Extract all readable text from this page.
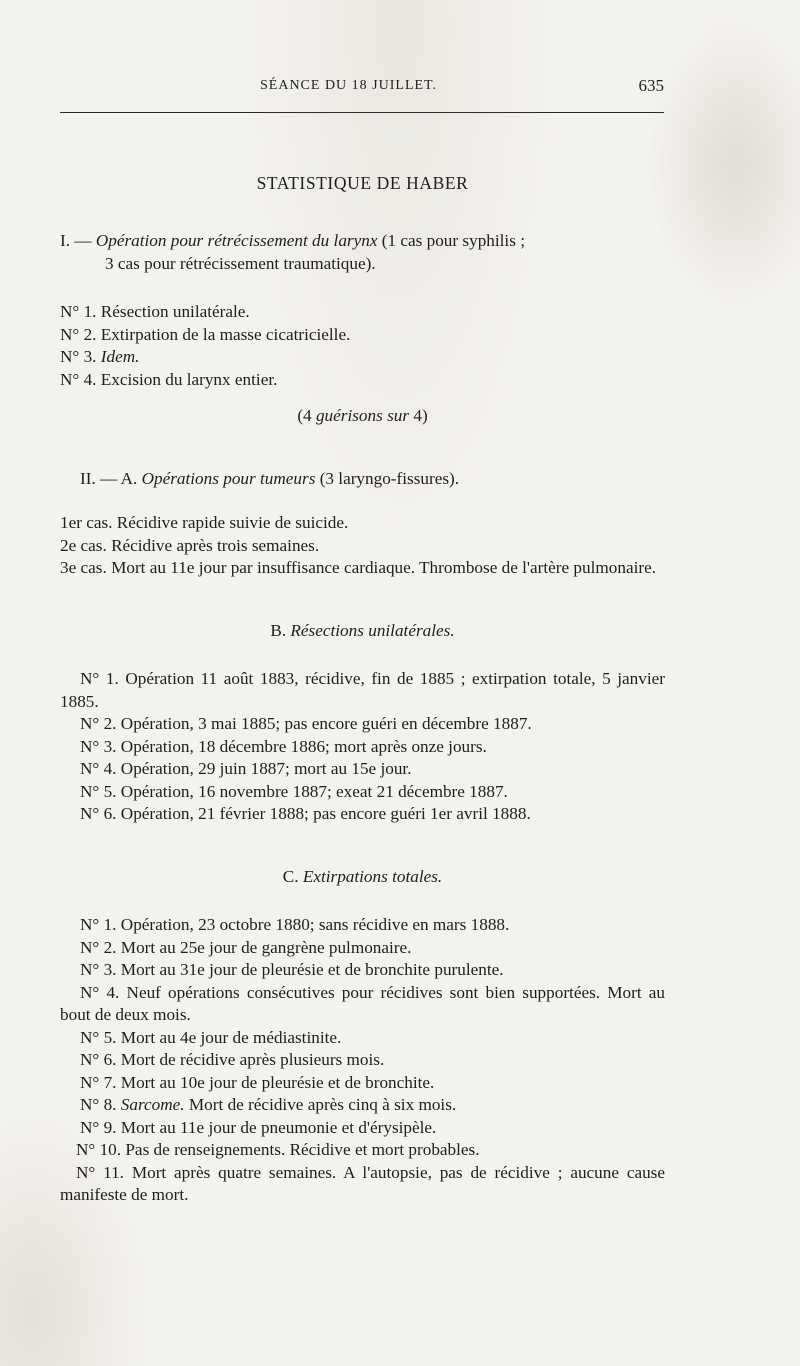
SÉANCE DU 18 JUILLET.	635
STATISTIQUE DE HABER

I. — Opération pour rétrécissement du larynx (1 cas pour syphilis ;

3 cas pour rétrécissement traumatique).

N° 1. Résection unilatérale.

N° 2. Extirpation de la masse cicatricielle.

N° 3. Idem.

N° 4. Excision du larynx entier.

(4 guérisons sur 4)

II. — A. Opérations pour tumeurs (3 laryngo-fissures).

1er cas. Récidive rapide suivie de suicide.

2e cas. Récidive après trois semaines.

3e cas. Mort au 11e jour par insuffisance cardiaque. Thrombose de l'artère pulmonaire.

B. Résections unilatérales.

N° 1. Opération 11 août 1883, récidive, fin de 1885 ; extirpation totale, 5 janvier 1885.

N° 2. Opération, 3 mai 1885; pas encore guéri en décembre 1887.

N° 3. Opération, 18 décembre 1886; mort après onze jours.

N° 4. Opération, 29 juin 1887; mort au 15e jour.

N° 5. Opération, 16 novembre 1887; exeat 21 décembre 1887.

N° 6. Opération, 21 février 1888; pas encore guéri 1er avril 1888.

C. Extirpations totales.

N° 1. Opération, 23 octobre 1880; sans récidive en mars 1888.

N° 2. Mort au 25e jour de gangrène pulmonaire.

N° 3. Mort au 31e jour de pleurésie et de bronchite purulente.

N° 4. Neuf opérations consécutives pour récidives sont bien supportées. Mort au bout de deux mois.

N° 5. Mort au 4e jour de médiastinite.

N° 6. Mort de récidive après plusieurs mois.

N° 7. Mort au 10e jour de pleurésie et de bronchite.

N° 8. Sarcome. Mort de récidive après cinq à six mois.

N° 9. Mort au 11e jour de pneumonie et d'érysipèle.

N° 10. Pas de renseignements. Récidive et mort probables.

N° 11. Mort après quatre semaines. A l'autopsie, pas de récidive ; aucune cause manifeste de mort.
